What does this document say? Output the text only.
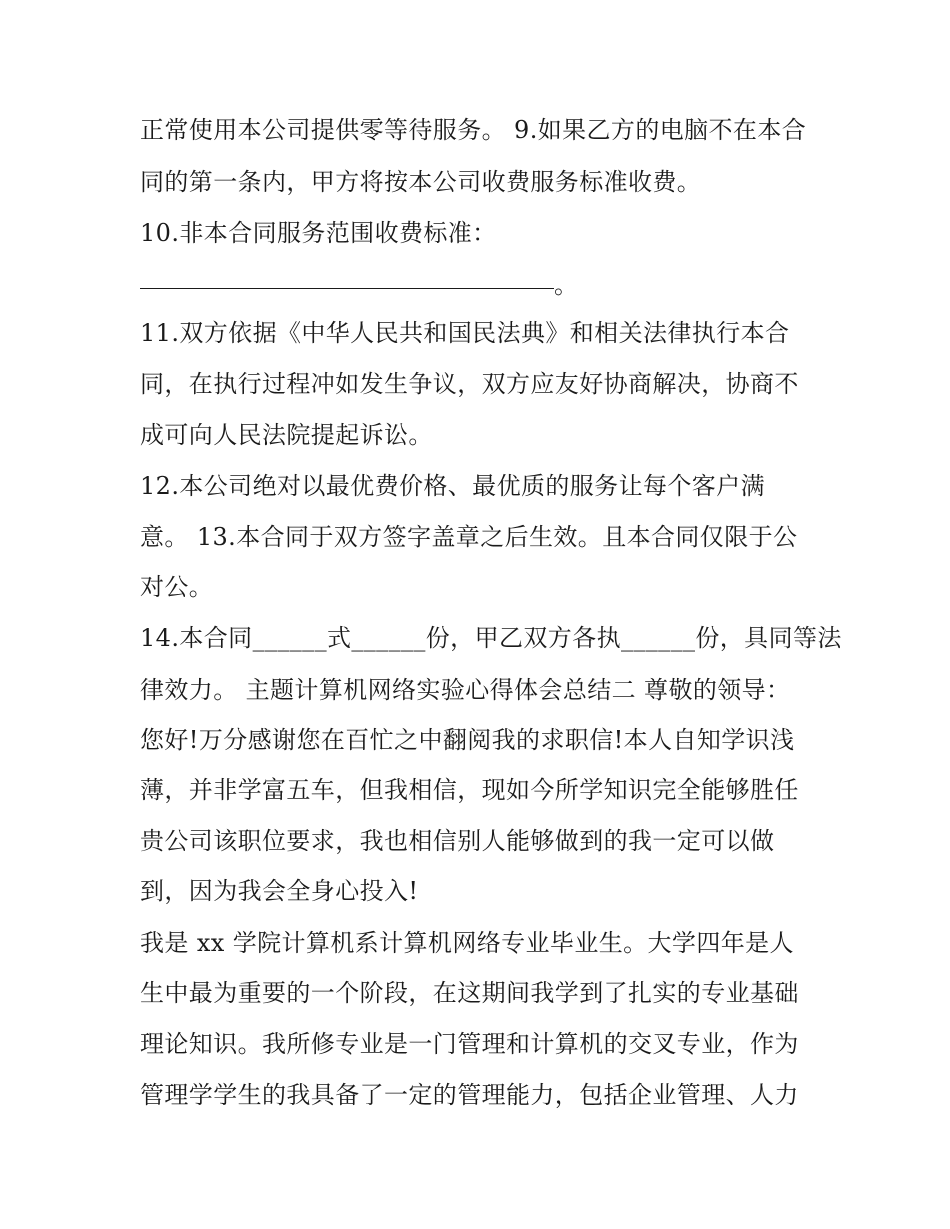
正常使用本公司提供零等待服务。 9.如果乙方的电脑不在本合
同的第一条内，甲方将按本公司收费服务标准收费。
10.非本合同服务范围收费标准：
。
11.双方依据《中华人民共和国民法典》和相关法律执行本合
同，在执行过程冲如发生争议，双方应友好协商解决，协商不
成可向人民法院提起诉讼。
12.本公司绝对以最优费价格、最优质的服务让每个客户满
意。 13.本合同于双方签字盖章之后生效。且本合同仅限于公
对公。
14.本合同______式______份，甲乙双方各执______份，具同等法
律效力。 主题计算机网络实验心得体会总结二 尊敬的领导：
您好!万分感谢您在百忙之中翻阅我的求职信!本人自知学识浅
薄，并非学富五车，但我相信，现如今所学知识完全能够胜任
贵公司该职位要求，我也相信别人能够做到的我一定可以做
到，因为我会全身心投入!
我是 xx 学院计算机系计算机网络专业毕业生。大学四年是人
生中最为重要的一个阶段，在这期间我学到了扎实的专业基础
理论知识。我所修专业是一门管理和计算机的交叉专业，作为
管理学学生的我具备了一定的管理能力，包括企业管理、人力
